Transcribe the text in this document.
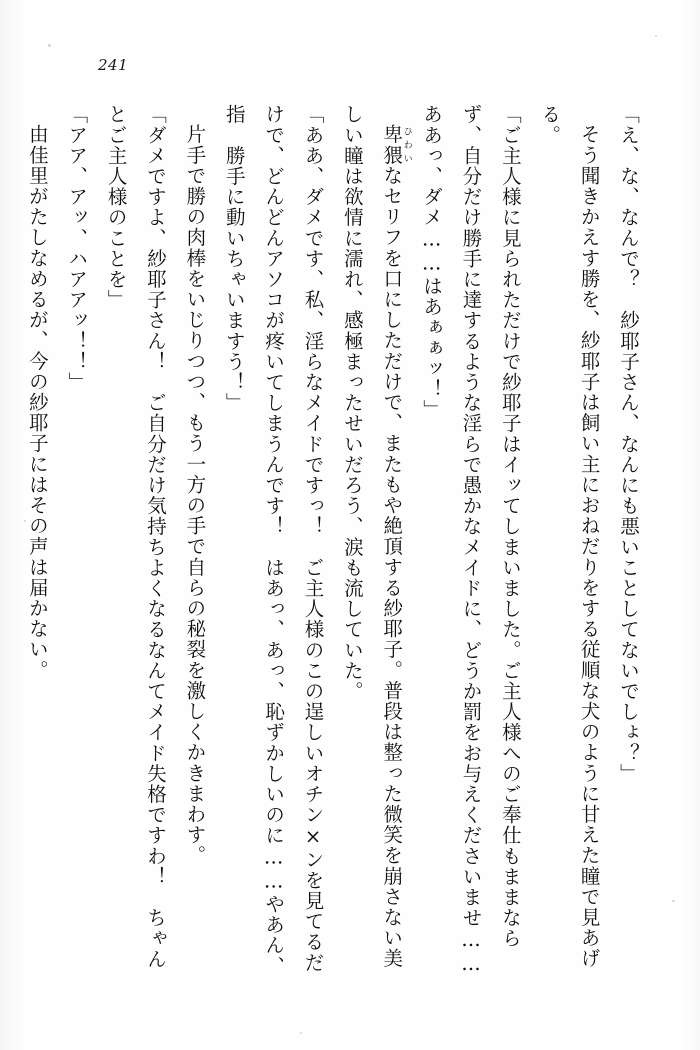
241

「え、な、なんで？　紗耶子さん、なんにも悪いことしてないでしょ？」

そう聞きかえす勝を、紗耶子は飼い主におねだりをする従順な犬のように甘えた瞳で見あげる。

「ご主人様に見られただけで紗耶子はイッてしまいました。ご主人様へのご奉仕もままならず、自分だけ勝手に達するような淫らで愚かなメイドに、どうか罰をお与えくださいませ……ああっ、ダメ……はあぁぁッ！」

卑猥ひわいなセリフを口にしただけで、またもや絶頂する紗耶子。普段は整った微笑を崩さない美しい瞳は欲情に濡れ、感極まったせいだろう、涙も流していた。

「ああ、ダメです、私、淫らなメイドですっ！　ご主人様のこの逞しいオチン×ンを見てるだけで、どんどんアソコが疼いてしまうんです！　はあっ、あっ、恥ずかしいのに……やあん、指　勝手に動いちゃいますう！」

片手で勝の肉棒をいじりつつ、もう一方の手で自らの秘裂を激しくかきまわす。

「ダメですよ、紗耶子さん！　ご自分だけ気持ちよくなるなんてメイド失格ですわ！　ちゃんとご主人様のことを」

「アア、アッ、ハアアッ！！」

由佳里がたしなめるが、今の紗耶子にはその声は届かない。
